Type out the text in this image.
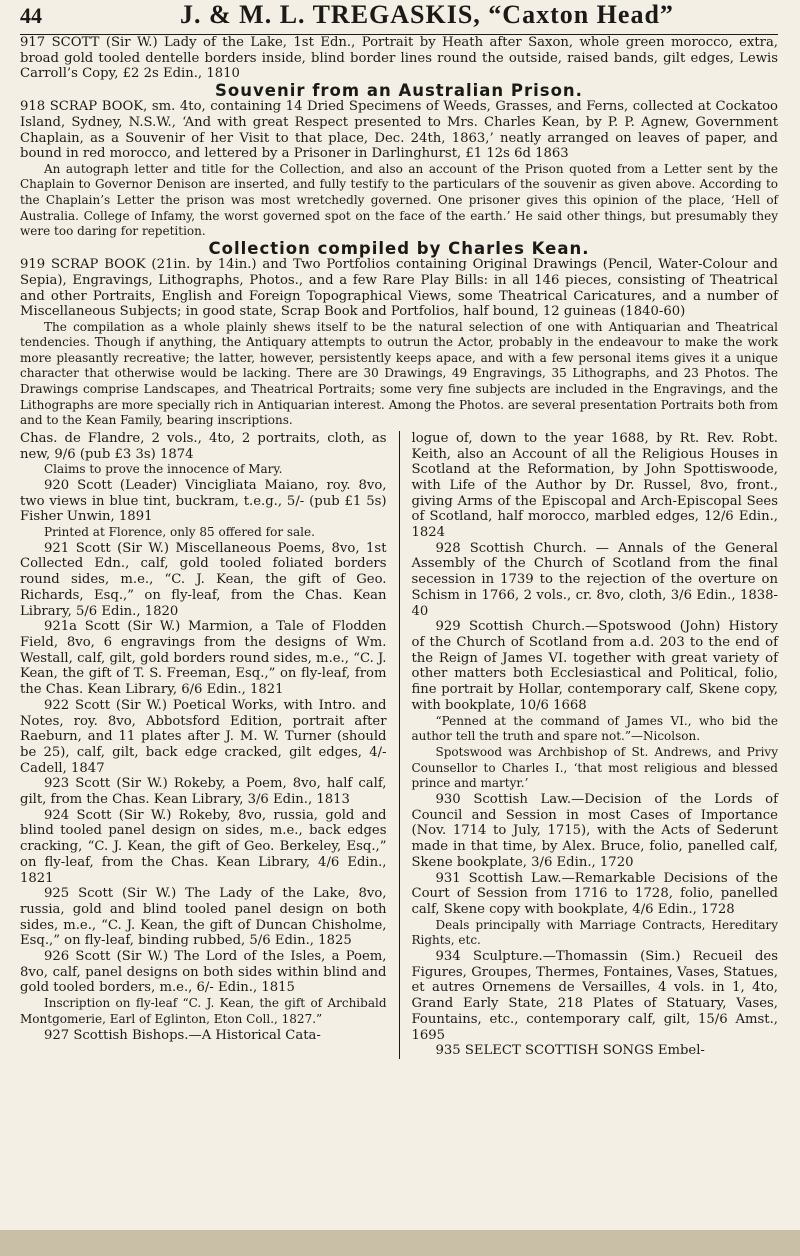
44	J. & M. L. TREGASKIS, “Caxton Head”

917 SCOTT (Sir W.) Lady of the Lake, 1st Edn., Portrait by Heath after Saxon, whole green morocco, extra, broad gold tooled dentelle borders inside, blind border lines round the outside, raised bands, gilt edges, Lewis Carroll’s Copy, £2 2s Edin., 1810

Souvenir from an Australian Prison.

918 SCRAP BOOK, sm. 4to, containing 14 Dried Specimens of Weeds, Grasses, and Ferns, collected at Cockatoo Island, Sydney, N.S.W., ‘And with great Respect presented to Mrs. Charles Kean, by P. P. Agnew, Government Chaplain, as a Souvenir of her Visit to that place, Dec. 24th, 1863,’ neatly arranged on leaves of paper, and bound in red morocco, and lettered by a Prisoner in Darlinghurst, £1 12s 6d 1863

An autograph letter and title for the Collection, and also an account of the Prison quoted from a Letter sent by the Chaplain to Governor Denison are inserted, and fully testify to the particulars of the souvenir as given above. According to the Chaplain’s Letter the prison was most wretchedly governed. One prisoner gives this opinion of the place, ‘Hell of Australia. College of Infamy, the worst governed spot on the face of the earth.’ He said other things, but presumably they were too daring for repetition.

Collection compiled by Charles Kean.

919 SCRAP BOOK (21in. by 14in.) and Two Portfolios containing Original Drawings (Pencil, Water-Colour and Sepia), Engravings, Lithographs, Photos., and a few Rare Play Bills: in all 146 pieces, consisting of Theatrical and other Portraits, English and Foreign Topographical Views, some Theatrical Caricatures, and a number of Miscellaneous Subjects; in good state, Scrap Book and Portfolios, half bound, 12 guineas (1840-60)

The compilation as a whole plainly shews itself to be the natural selection of one with Antiquarian and Theatrical tendencies. Though if anything, the Antiquary attempts to outrun the Actor, probably in the endeavour to make the work more pleasantly recreative; the latter, however, persistently keeps apace, and with a few personal items gives it a unique character that otherwise would be lacking. There are 30 Drawings, 49 Engravings, 35 Lithographs, and 23 Photos. The Drawings comprise Landscapes, and Theatrical Portraits; some very fine subjects are included in the Engravings, and the Lithographs are more specially rich in Antiquarian interest. Among the Photos. are several presentation Portraits both from and to the Kean Family, bearing inscriptions.

Chas. de Flandre, 2 vols., 4to, 2 portraits, cloth, as new, 9/6 (pub £3 3s) 1874

Claims to prove the innocence of Mary.

920 Scott (Leader) Vincigliata Maiano, roy. 8vo, two views in blue tint, buckram, t.e.g., 5/- (pub £1 5s) Fisher Unwin, 1891

Printed at Florence, only 85 offered for sale.

921 Scott (Sir W.) Miscellaneous Poems, 8vo, 1st Collected Edn., calf, gold tooled foliated borders round sides, m.e., “C. J. Kean, the gift of Geo. Richards, Esq.,” on fly-leaf, from the Chas. Kean Library, 5/6 Edin., 1820

921a Scott (Sir W.) Marmion, a Tale of Flodden Field, 8vo, 6 engravings from the designs of Wm. Westall, calf, gilt, gold borders round sides, m.e., “C. J. Kean, the gift of T. S. Freeman, Esq.,” on fly-leaf, from the Chas. Kean Library, 6/6 Edin., 1821

922 Scott (Sir W.) Poetical Works, with Intro. and Notes, roy. 8vo, Abbotsford Edition, portrait after Raeburn, and 11 plates after J. M. W. Turner (should be 25), calf, gilt, back edge cracked, gilt edges, 4/- Cadell, 1847

923 Scott (Sir W.) Rokeby, a Poem, 8vo, half calf, gilt, from the Chas. Kean Library, 3/6 Edin., 1813

924 Scott (Sir W.) Rokeby, 8vo, russia, gold and blind tooled panel design on sides, m.e., back edges cracking, “C. J. Kean, the gift of Geo. Berkeley, Esq.,” on fly-leaf, from the Chas. Kean Library, 4/6 Edin., 1821

925 Scott (Sir W.) The Lady of the Lake, 8vo, russia, gold and blind tooled panel design on both sides, m.e., “C. J. Kean, the gift of Duncan Chisholme, Esq.,” on fly-leaf, binding rubbed, 5/6 Edin., 1825

926 Scott (Sir W.) The Lord of the Isles, a Poem, 8vo, calf, panel designs on both sides within blind and gold tooled borders, m.e., 6/- Edin., 1815

Inscription on fly-leaf “C. J. Kean, the gift of Archibald Montgomerie, Earl of Eglinton, Eton Coll., 1827.”

927 Scottish Bishops.—A Historical Cata-

logue of, down to the year 1688, by Rt. Rev. Robt. Keith, also an Account of all the Religious Houses in Scotland at the Reformation, by John Spottiswoode, with Life of the Author by Dr. Russel, 8vo, front., giving Arms of the Episcopal and Arch-Episcopal Sees of Scotland, half morocco, marbled edges, 12/6 Edin., 1824

928 Scottish Church. — Annals of the General Assembly of the Church of Scotland from the final secession in 1739 to the rejection of the overture on Schism in 1766, 2 vols., cr. 8vo, cloth, 3/6 Edin., 1838-40

929 Scottish Church.—Spotswood (John) History of the Church of Scotland from a.d. 203 to the end of the Reign of James VI. together with great variety of other matters both Ecclesiastical and Political, folio, fine portrait by Hollar, contemporary calf, Skene copy, with bookplate, 10/6 1668

“Penned at the command of James VI., who bid the author tell the truth and spare not.”—Nicolson.

Spotswood was Archbishop of St. Andrews, and Privy Counsellor to Charles I., ‘that most religious and blessed prince and martyr.’

930 Scottish Law.—Decision of the Lords of Council and Session in most Cases of Importance (Nov. 1714 to July, 1715), with the Acts of Sederunt made in that time, by Alex. Bruce, folio, panelled calf, Skene bookplate, 3/6 Edin., 1720

931 Scottish Law.—Remarkable Decisions of the Court of Session from 1716 to 1728, folio, panelled calf, Skene copy with bookplate, 4/6 Edin., 1728

Deals principally with Marriage Contracts, Hereditary Rights, etc.

934 Sculpture.—Thomassin (Sim.) Recueil des Figures, Groupes, Thermes, Fontaines, Vases, Statues, et autres Ornemens de Versailles, 4 vols. in 1, 4to, Grand Early State, 218 Plates of Statuary, Vases, Fountains, etc., contemporary calf, gilt, 15/6 Amst., 1695

935 SELECT SCOTTISH SONGS Embel-
